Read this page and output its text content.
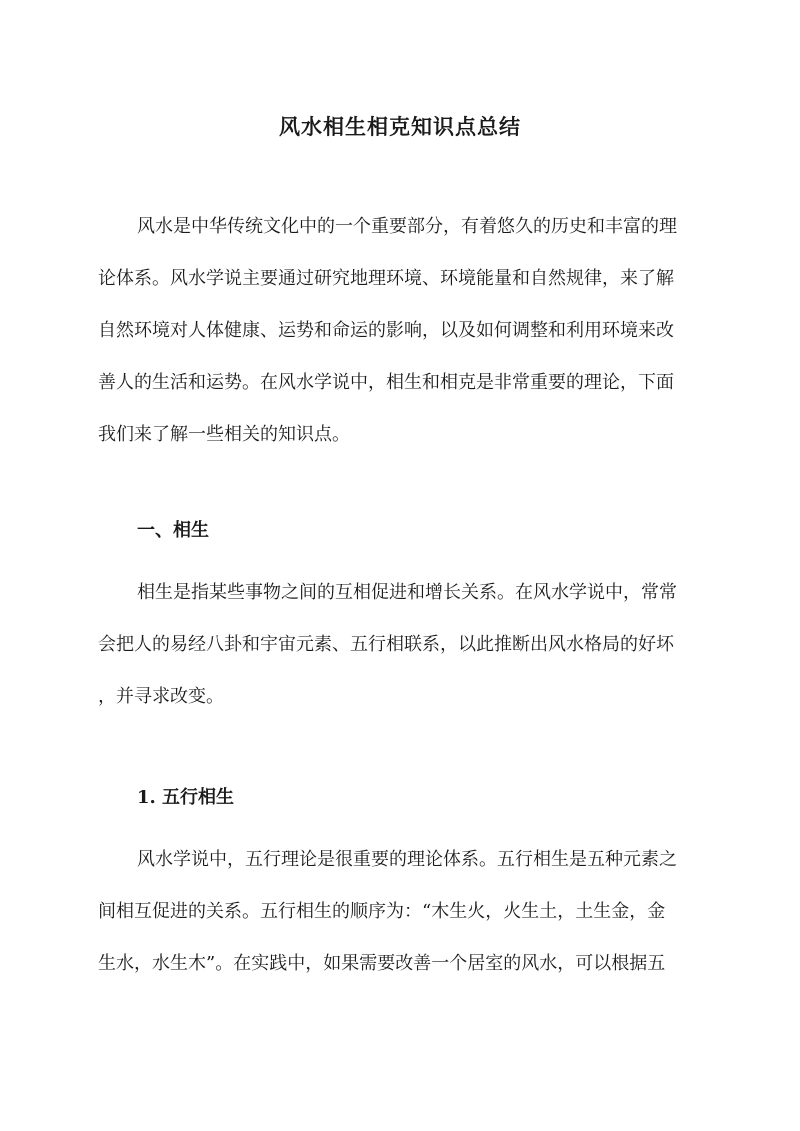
风水相生相克知识点总结
风水是中华传统文化中的一个重要部分，有着悠久的历史和丰富的理
论体系。风水学说主要通过研究地理环境、环境能量和自然规律，来了解
自然环境对人体健康、运势和命运的影响，以及如何调整和利用环境来改
善人的生活和运势。在风水学说中，相生和相克是非常重要的理论，下面
我们来了解一些相关的知识点。
一、相生
相生是指某些事物之间的互相促进和增长关系。在风水学说中，常常
会把人的易经八卦和宇宙元素、五行相联系，以此推断出风水格局的好坏
，并寻求改变。
1. 五行相生
风水学说中，五行理论是很重要的理论体系。五行相生是五种元素之
间相互促进的关系。五行相生的顺序为：“木生火，火生土，土生金，金
生水，水生木”。在实践中，如果需要改善一个居室的风水，可以根据五
